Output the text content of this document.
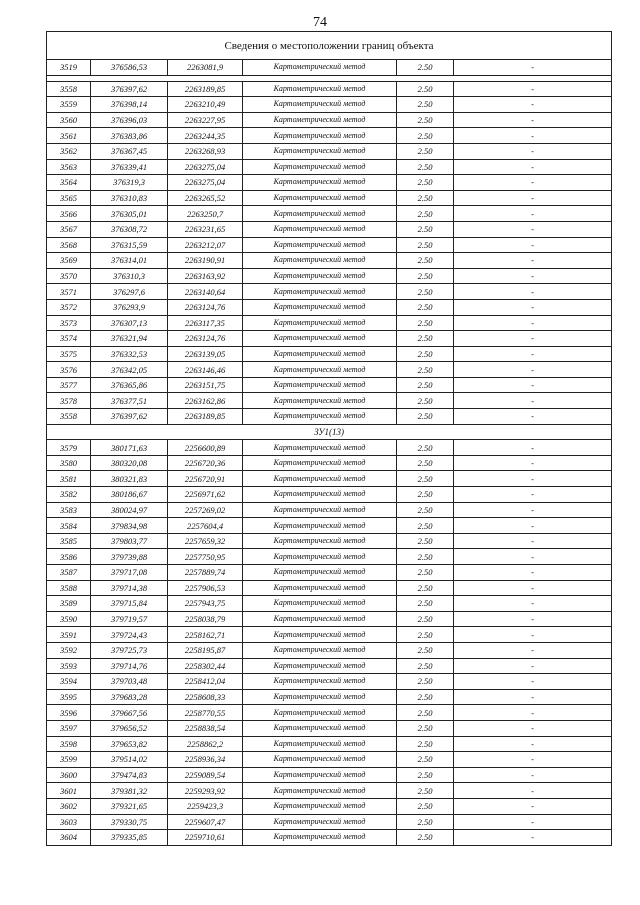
74
Сведения о местоположении границ объекта					
3519	376586,53	2263081,9	Картометрический метод	2.50	-

3558	376397,62	2263189,85	Картометрический метод	2.50	-
3559	376398,14	2263210,49	Картометрический метод	2.50	-
3560	376396,03	2263227,95	Картометрический метод	2.50	-
3561	376383,86	2263244,35	Картометрический метод	2.50	-
3562	376367,45	2263268,93	Картометрический метод	2.50	-
3563	376339,41	2263275,04	Картометрический метод	2.50	-
3564	376319,3	2263275,04	Картометрический метод	2.50	-
3565	376310,83	2263265,52	Картометрический метод	2.50	-
3566	376305,01	2263250,7	Картометрический метод	2.50	-
3567	376308,72	2263231,65	Картометрический метод	2.50	-
3568	376315,59	2263212,07	Картометрический метод	2.50	-
3569	376314,01	2263190,91	Картометрический метод	2.50	-
3570	376310,3	2263163,92	Картометрический метод	2.50	-
3571	376297,6	2263140,64	Картометрический метод	2.50	-
3572	376293,9	2263124,76	Картометрический метод	2.50	-
3573	376307,13	2263117,35	Картометрический метод	2.50	-
3574	376321,94	2263124,76	Картометрический метод	2.50	-
3575	376332,53	2263139,05	Картометрический метод	2.50	-
3576	376342,05	2263146,46	Картометрический метод	2.50	-
3577	376365,86	2263151,75	Картометрический метод	2.50	-
3578	376377,51	2263162,86	Картометрический метод	2.50	-
3558	376397,62	2263189,85	Картометрический метод	2.50	-
ЗУ1(13)					
3579	380171,63	2256600,89	Картометрический метод	2.50	-
3580	380320,08	2256720,36	Картометрический метод	2.50	-
3581	380321,83	2256720,91	Картометрический метод	2.50	-
3582	380186,67	2256971,62	Картометрический метод	2.50	-
3583	380024,97	2257269,02	Картометрический метод	2.50	-
3584	379834,98	2257604,4	Картометрический метод	2.50	-
3585	379803,77	2257659,32	Картометрический метод	2.50	-
3586	379739,88	2257750,95	Картометрический метод	2.50	-
3587	379717,08	2257889,74	Картометрический метод	2.50	-
3588	379714,38	2257906,53	Картометрический метод	2.50	-
3589	379715,84	2257943,75	Картометрический метод	2.50	-
3590	379719,57	2258038,79	Картометрический метод	2.50	-
3591	379724,43	2258162,71	Картометрический метод	2.50	-
3592	379725,73	2258195,87	Картометрический метод	2.50	-
3593	379714,76	2258302,44	Картометрический метод	2.50	-
3594	379703,48	2258412,04	Картометрический метод	2.50	-
3595	379683,28	2258608,33	Картометрический метод	2.50	-
3596	379667,56	2258770,55	Картометрический метод	2.50	-
3597	379656,52	2258838,54	Картометрический метод	2.50	-
3598	379653,82	2258862,2	Картометрический метод	2.50	-
3599	379514,02	2258936,34	Картометрический метод	2.50	-
3600	379474,83	2259089,54	Картометрический метод	2.50	-
3601	379381,32	2259293,92	Картометрический метод	2.50	-
3602	379321,65	2259423,3	Картометрический метод	2.50	-
3603	379330,75	2259607,47	Картометрический метод	2.50	-
3604	379335,85	2259710,61	Картометрический метод	2.50	-
